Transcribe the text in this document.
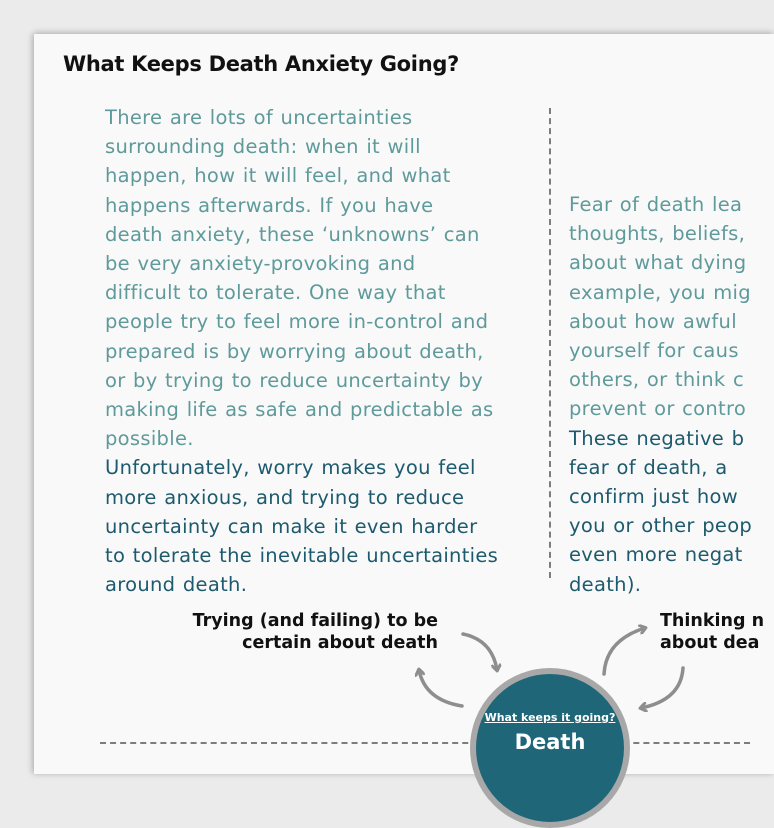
What Keeps Death Anxiety Going?

There are lots of uncertainties
surrounding death: when it will
happen, how it will feel, and what
happens afterwards. If you have
death anxiety, these ‘unknowns’ can
be very anxiety-provoking and
difficult to tolerate. One way that
people try to feel more in-control and
prepared is by worrying about death,
or by trying to reduce uncertainty by
making life as safe and predictable as
possible.

Unfortunately, worry makes you feel
more anxious, and trying to reduce
uncertainty can make it even harder
to tolerate the inevitable uncertainties
around death.

Fear of death lea
thoughts, beliefs,
about what dying
example, you mig
about how awful
yourself for caus
others, or think c
prevent or contro

These negative b
fear of death, a
confirm just how
you or other peop
even more negat
death).

Trying (and failing) to be
certain about death
Thinking n
about dea
What keeps it going?
Death
